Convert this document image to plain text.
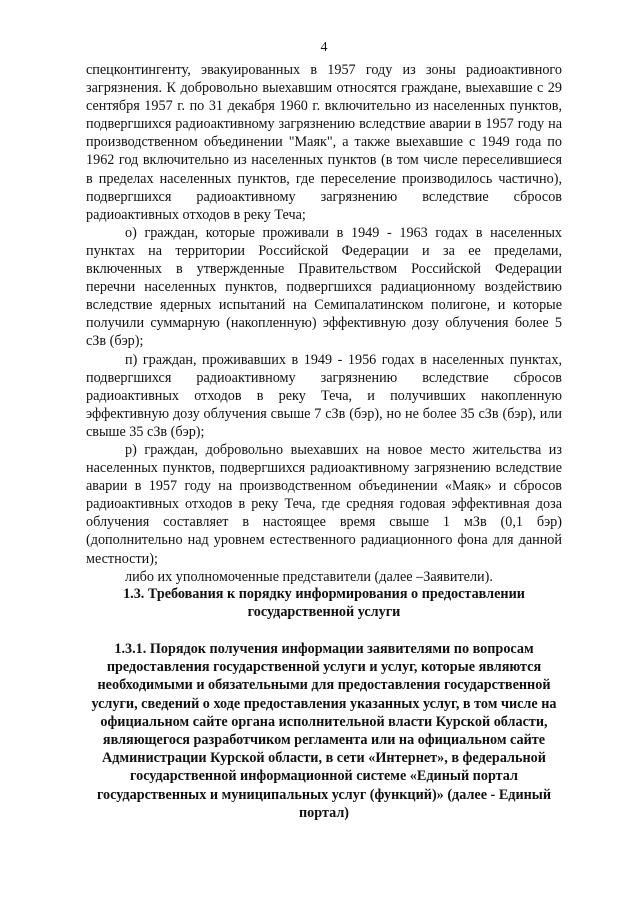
4

спецконтингенту, эвакуированных в 1957 году из зоны радиоактивного загрязнения. К добровольно выехавшим относятся граждане, выехавшие с 29 сентября 1957 г. по 31 декабря 1960 г. включительно из населенных пунктов, подвергшихся радиоактивному загрязнению вследствие аварии в 1957 году на производственном объединении "Маяк", а также выехавшие с 1949 года по 1962 год включительно из населенных пунктов (в том числе переселившиеся в пределах населенных пунктов, где переселение производилось частично), подвергшихся радиоактивному загрязнению вследствие сбросов радиоактивных отходов в реку Теча;

о) граждан, которые проживали в 1949 - 1963 годах в населенных пунктах на территории Российской Федерации и за ее пределами, включенных в утвержденные Правительством Российской Федерации перечни населенных пунктов, подвергшихся радиационному воздействию вследствие ядерных испытаний на Семипалатинском полигоне, и которые получили суммарную (накопленную) эффективную дозу облучения более 5 сЗв (бэр);

п) граждан, проживавших в 1949 - 1956 годах в населенных пунктах, подвергшихся радиоактивному загрязнению вследствие сбросов радиоактивных отходов в реку Теча, и получивших накопленную эффективную дозу облучения свыше 7 сЗв (бэр), но не более 35 сЗв (бэр), или свыше 35 сЗв (бэр);

р) граждан, добровольно выехавших на новое место жительства из населенных пунктов, подвергшихся радиоактивному загрязнению вследствие аварии в 1957 году на производственном объединении «Маяк» и сбросов радиоактивных отходов в реку Теча, где средняя годовая эффективная доза облучения составляет в настоящее время свыше 1 мЗв (0,1 бэр) (дополнительно над уровнем естественного радиационного фона для данной местности);

либо их уполномоченные представители (далее –Заявители).

1.3. Требования к порядку информирования о предоставлении государственной услуги
1.3.1. Порядок получения информации заявителями по вопросам предоставления государственной услуги и услуг, которые являются необходимыми и обязательными для предоставления государственной услуги, сведений о ходе предоставления указанных услуг, в том числе на официальном сайте органа исполнительной власти Курской области, являющегося разработчиком регламента или на официальном сайте Администрации Курской области, в сети «Интернет», в федеральной государственной информационной системе «Единый портал государственных и муниципальных услуг (функций)» (далее - Единый портал)
